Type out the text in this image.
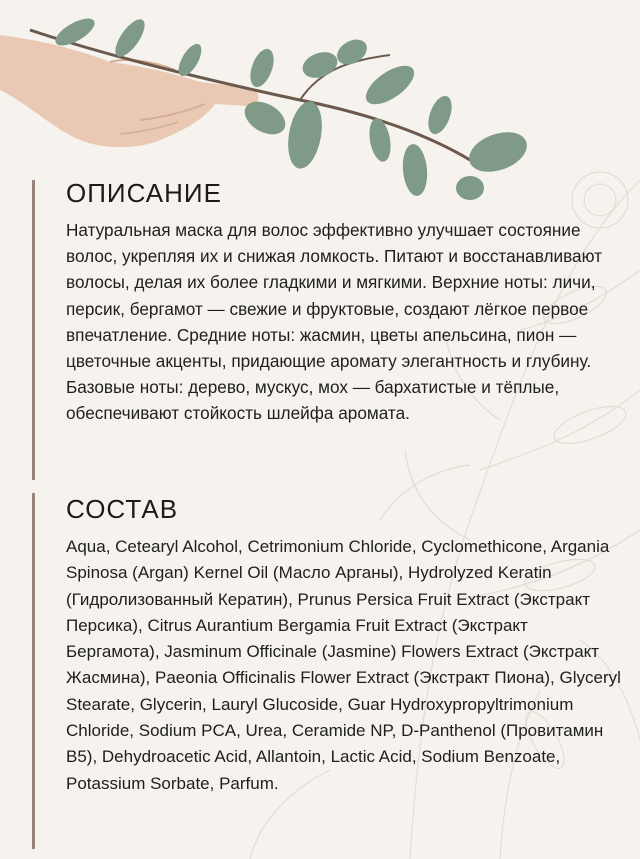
ОПИСАНИЕ

Натуральная маска для волос эффективно улучшает состояние волос, укрепляя их и снижая ломкость. Питают и восстанавливают волосы, делая их более гладкими и мягкими. Верхние ноты: личи, персик, бергамот — свежие и фруктовые, создают лёгкое первое впечатление. Средние ноты: жасмин, цветы апельсина, пион — цветочные акценты, придающие аромату элегантность и глубину. Базовые ноты: дерево, мускус, мох — бархатистые и тёплые, обеспечивают стойкость шлейфа аромата.

СОСТАВ

Aqua, Cetearyl Alcohol, Cetrimonium Chloride, Cyclomethicone, Argania Spinosa (Argan) Kernel Oil (Масло Арганы), Hydrolyzed Keratin (Гидролизованный Кератин), Prunus Persica Fruit Extract (Экстракт Персика), Citrus Aurantium Bergamia Fruit Extract (Экстракт Бергамота), Jasminum Officinale (Jasmine) Flowers Extract (Экстракт Жасмина), Paeonia Officinalis Flower Extract (Экстракт Пиона), Glyceryl Stearate, Glycerin, Lauryl Glucoside, Guar Hydroxypropyltrimonium Chloride, Sodium PCA, Urea, Ceramide NP, D-Panthenol (Провитамин B5), Dehydroacetic Acid, Allantoin, Lactic Acid, Sodium Benzoate, Potassium Sorbate, Parfum.
